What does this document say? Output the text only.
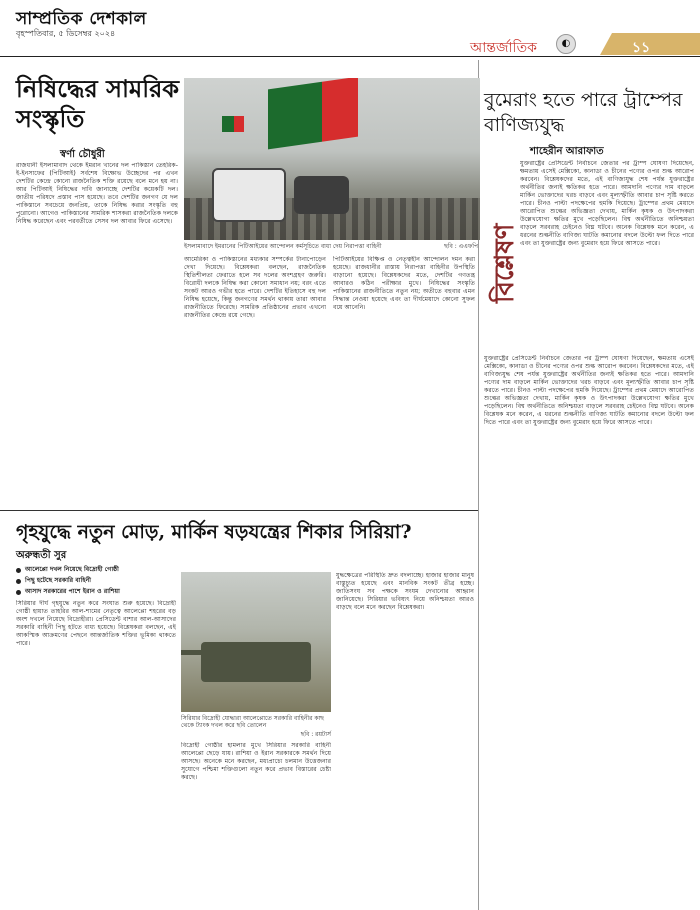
সাম্প্রতিক দেশকাল
বৃহস্পতিবার, ৫ ডিসেম্বর ২০২৪
আন্তর্জাতিক	◐	১১
নিষিদ্ধের সামরিক
সংস্কৃতি
স্বর্ণা চৌধুরী
রাজধানী ইসলামাবাদ থেকে ইমরান খানের দল পাকিস্তান তেহরিক-ই-ইনসাফের (পিটিআই) সর্বশেষ বিক্ষোভ উচ্ছেদের পর এখন দেশটির কেন্দ্রে কোনো রাজনৈতিক শক্তি রয়েছে বলে মনে হয় না। আর পিটিআই নিষিদ্ধের দাবি জানাচ্ছে দেশটির কয়েকটি দল। জাতীয় পরিষদে প্রস্তাব পাস হয়েছে। তবে দেশটির জনগণ যে দল পাকিস্তানে সবচেয়ে জনপ্রিয়, তাকে নিষিদ্ধ করার সংস্কৃতি বহু পুরোনো। আগেও পাকিস্তানের সামরিক শাসকরা রাজনৈতিক দলকে নিষিদ্ধ করেছেন এবং পরবর্তীতে সেসব দল আবার ফিরে এসেছে।
ইসলামাবাদে ইমরানের পিটিআইয়ের আন্দোলন কর্মসূচিতে বাধা দেয় নিরাপত্তা বাহিনী	ছবি : এএফপি
আমেরিকা ও পাকিস্তানের মধ্যকার সম্পর্কের টানাপোড়েন দেখা দিয়েছে। বিশ্লেষকরা বলছেন, রাজনৈতিক স্থিতিশীলতা ফেরাতে হলে সব দলের অংশগ্রহণ জরুরি। বিরোধী দলকে নিষিদ্ধ করা কোনো সমাধান নয়; বরং এতে সংকট আরও গভীর হতে পারে। দেশটির ইতিহাসে বহু দল নিষিদ্ধ হয়েছে, কিন্তু জনগণের সমর্থন থাকায় তারা আবার রাজনীতিতে ফিরেছে। সামরিক প্রতিষ্ঠানের প্রভাব এখনো রাজনীতির কেন্দ্রে রয়ে গেছে।
পিটিআইয়ের বিক্ষিপ্ত ও নেতৃত্বহীন আন্দোলন দমন করা হয়েছে। রাজধানীর রাস্তায় নিরাপত্তা বাহিনীর উপস্থিতি বাড়ানো হয়েছে। বিশ্লেষকদের মতে, দেশটির গণতন্ত্র আবারও কঠিন পরীক্ষার মুখে। নিষিদ্ধের সংস্কৃতি পাকিস্তানের রাজনীতিতে নতুন নয়; অতীতে বহুবার এমন সিদ্ধান্ত নেওয়া হয়েছে এবং তা দীর্ঘমেয়াদে কোনো সুফল বয়ে আনেনি।
বুমেরাং হতে পারে ট্রাম্পের বাণিজ্যযুদ্ধ
শাহেরীন আরাফাত
বিশ্লেষণ
যুক্তরাষ্ট্রের প্রেসিডেন্ট নির্বাচনে জেতার পর ট্রাম্প ঘোষণা দিয়েছেন, ক্ষমতায় এসেই মেক্সিকো, কানাডা ও চীনের পণ্যের ওপর শুল্ক আরোপ করবেন। বিশ্লেষকদের মতে, এই বাণিজ্যযুদ্ধ শেষ পর্যন্ত যুক্তরাষ্ট্রের অর্থনীতির জন্যই ক্ষতিকর হতে পারে। আমদানি পণ্যের দাম বাড়লে মার্কিন ভোক্তাদের খরচ বাড়বে এবং মূল্যস্ফীতি আবার চাপ সৃষ্টি করতে পারে। চীনও পাল্টা পদক্ষেপের হুমকি দিয়েছে। ট্রাম্পের প্রথম মেয়াদে আরোপিত শুল্কের অভিজ্ঞতা দেখায়, মার্কিন কৃষক ও উৎপাদকরা উল্লেখযোগ্য ক্ষতির মুখে পড়েছিলেন। বিশ্ব অর্থনীতিতে অনিশ্চয়তা বাড়লে সরবরাহ চেইনেও বিঘ্ন ঘটবে। অনেক বিশ্লেষক মনে করেন, এ ধরনের শুল্কনীতি বাণিজ্য ঘাটতি কমানোর বদলে উল্টো ফল দিতে পারে এবং তা যুক্তরাষ্ট্রের জন্য বুমেরাং হয়ে ফিরে আসতে পারে।
যুক্তরাষ্ট্রের প্রেসিডেন্ট নির্বাচনে জেতার পর ট্রাম্প ঘোষণা দিয়েছেন, ক্ষমতায় এসেই মেক্সিকো, কানাডা ও চীনের পণ্যের ওপর শুল্ক আরোপ করবেন। বিশ্লেষকদের মতে, এই বাণিজ্যযুদ্ধ শেষ পর্যন্ত যুক্তরাষ্ট্রের অর্থনীতির জন্যই ক্ষতিকর হতে পারে। আমদানি পণ্যের দাম বাড়লে মার্কিন ভোক্তাদের খরচ বাড়বে এবং মূল্যস্ফীতি আবার চাপ সৃষ্টি করতে পারে। চীনও পাল্টা পদক্ষেপের হুমকি দিয়েছে। ট্রাম্পের প্রথম মেয়াদে আরোপিত শুল্কের অভিজ্ঞতা দেখায়, মার্কিন কৃষক ও উৎপাদকরা উল্লেখযোগ্য ক্ষতির মুখে পড়েছিলেন। বিশ্ব অর্থনীতিতে অনিশ্চয়তা বাড়লে সরবরাহ চেইনেও বিঘ্ন ঘটবে। অনেক বিশ্লেষক মনে করেন, এ ধরনের শুল্কনীতি বাণিজ্য ঘাটতি কমানোর বদলে উল্টো ফল দিতে পারে এবং তা যুক্তরাষ্ট্রের জন্য বুমেরাং হয়ে ফিরে আসতে পারে।
গৃহযুদ্ধে নতুন মোড়, মার্কিন ষড়যন্ত্রের শিকার সিরিয়া?
অরুন্ধতী সুর
আলেপ্পো দখল নিয়েছে বিদ্রোহী গোষ্ঠী
পিছু হটেছে সরকারি বাহিনী
আসাদ সরকারের পাশে ইরান ও রাশিয়া
সিরিয়ার দীর্ঘ গৃহযুদ্ধে নতুন করে সংঘাত শুরু হয়েছে। বিদ্রোহী গোষ্ঠী হায়াত তাহরির আল-শামের নেতৃত্বে আলেপ্পো শহরের বড় অংশ দখলে নিয়েছে বিদ্রোহীরা। প্রেসিডেন্ট বাশার আল-আসাদের সরকারি বাহিনী পিছু হটতে বাধ্য হয়েছে। বিশ্লেষকরা বলছেন, এই আকস্মিক আক্রমণের পেছনে আন্তর্জাতিক শক্তির ভূমিকা থাকতে পারে।
সিরিয়ার বিদ্রোহী যোদ্ধারা আলেপ্পোতে সরকারি বাহিনীর কাছ থেকে ট্যাংক দখল করে ছবি তোলেন
ছবি : রয়টার্স
বিদ্রোহী গোষ্ঠীর হামলার মুখে সিরিয়ার সরকারি বাহিনী আলেপ্পো ছেড়ে যায়। রাশিয়া ও ইরান সরকারকে সমর্থন দিয়ে আসছে। অনেকে মনে করছেন, মধ্যপ্রাচ্যে চলমান উত্তেজনার সুযোগে পশ্চিমা শক্তিগুলো নতুন করে প্রভাব বিস্তারের চেষ্টা করছে।
যুদ্ধক্ষেত্রের পরিস্থিতি দ্রুত বদলাচ্ছে। হাজার হাজার মানুষ বাস্তুচ্যুত হয়েছে এবং মানবিক সংকট তীব্র হচ্ছে। জাতিসংঘ সব পক্ষকে সংযম দেখানোর আহ্বান জানিয়েছে। সিরিয়ার ভবিষ্যৎ নিয়ে অনিশ্চয়তা আরও বাড়ছে বলে মনে করছেন বিশ্লেষকরা।
